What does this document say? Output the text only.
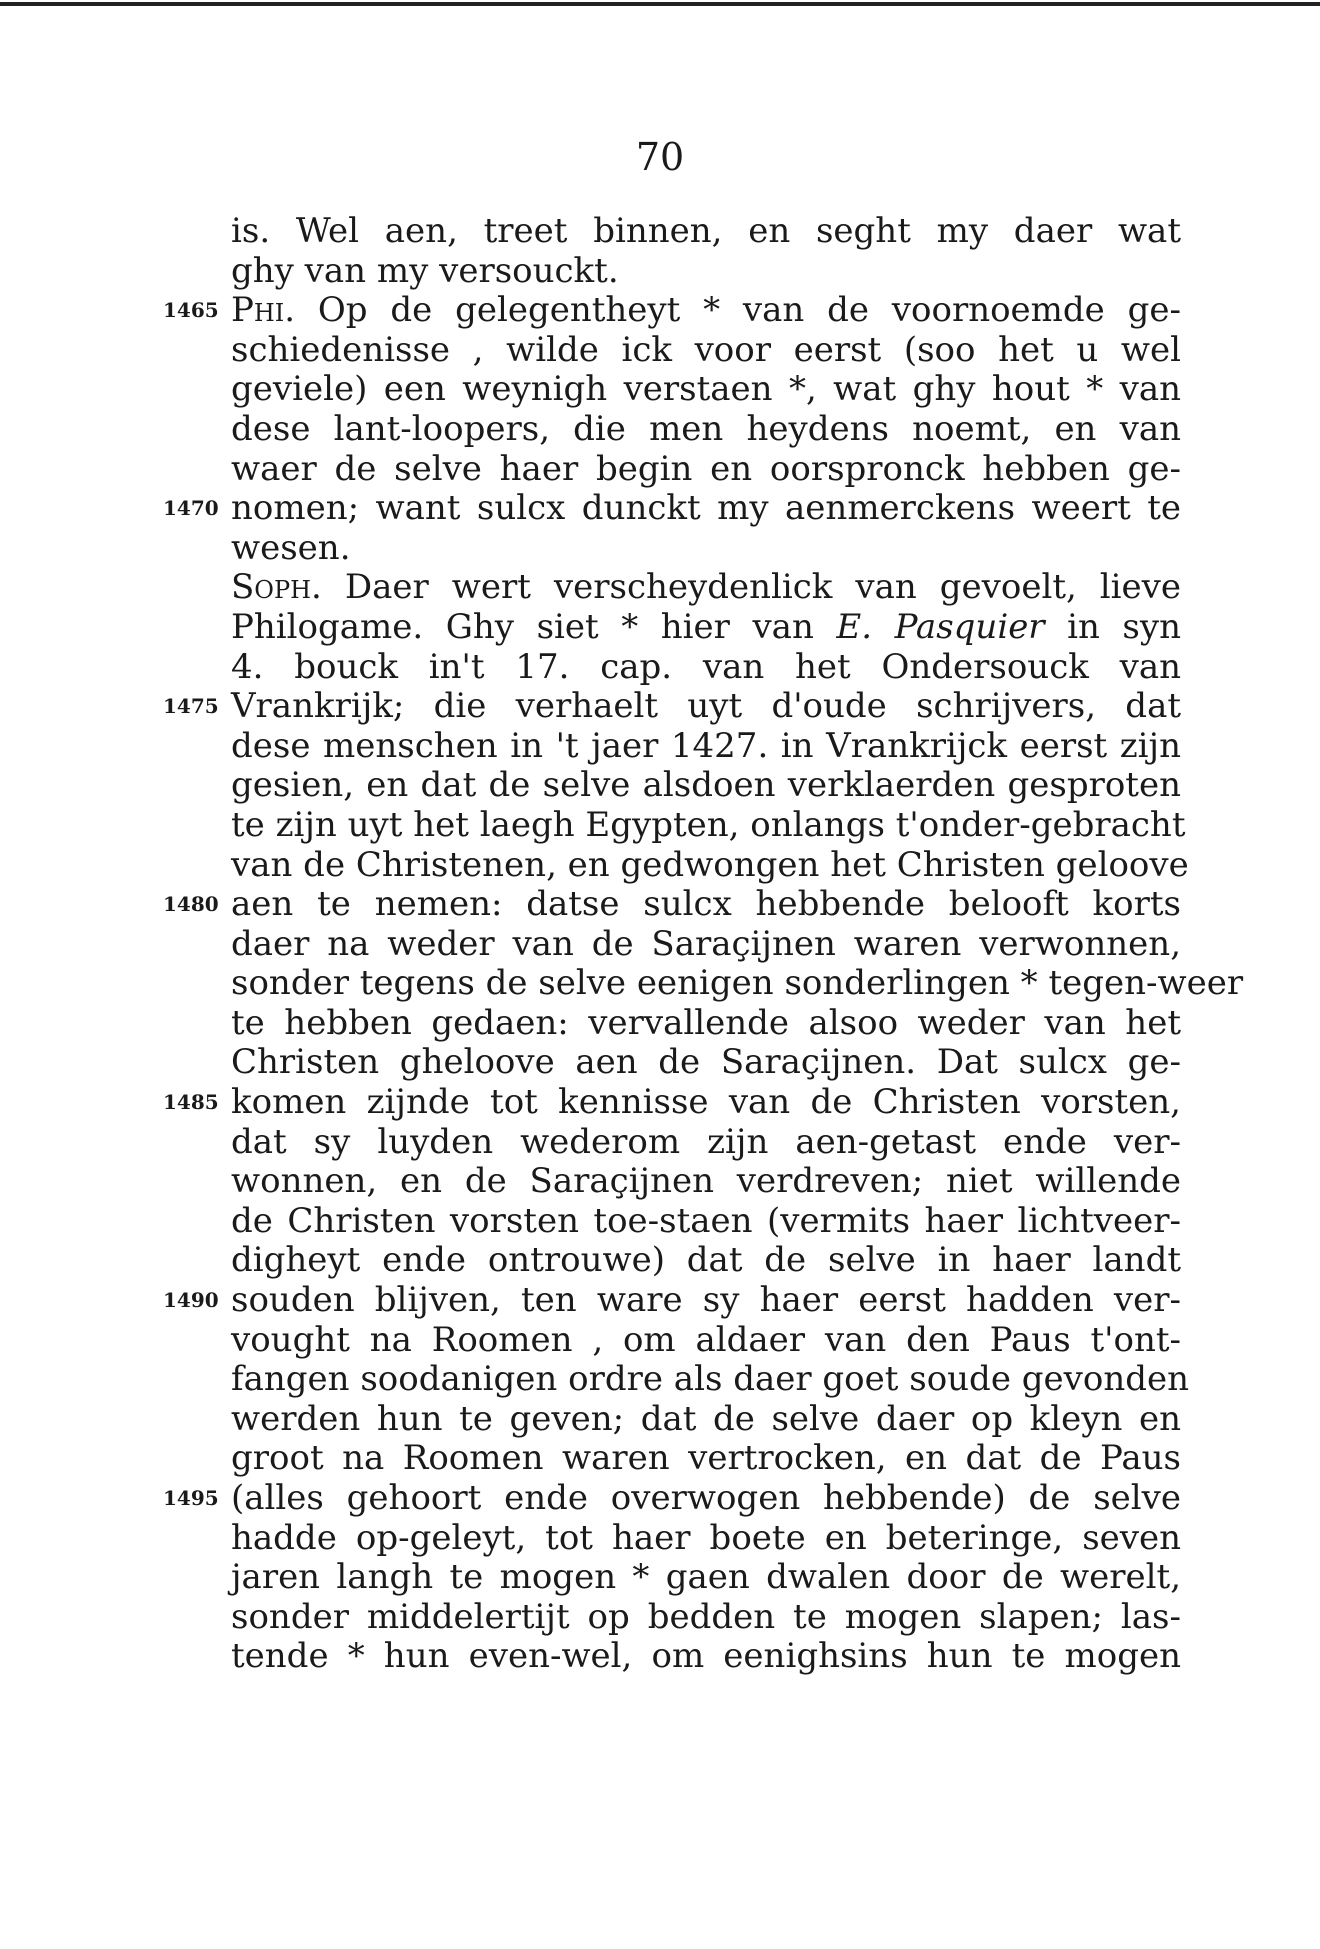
70
is. Wel aen, treet binnen, en seght my daer wat
ghy van my versouckt.
1465 Phi. Op de gelegentheyt * van de voornoemde ge-
schiedenisse , wilde ick voor eerst (soo het u wel
geviele) een weynigh verstaen *, wat ghy hout * van
dese lant-loopers, die men heydens noemt, en van
waer de selve haer begin en oorspronck hebben ge-
1470 nomen; want sulcx dunckt my aenmerckens weert te
wesen.
Soph. Daer wert verscheydenlick van gevoelt, lieve
Philogame. Ghy siet * hier van E. Pasquier in syn
4. bouck in't 17. cap. van het Ondersouck van
1475 Vrankrijk; die verhaelt uyt d'oude schrijvers, dat
dese menschen in 't jaer 1427. in Vrankrijck eerst zijn
gesien, en dat de selve alsdoen verklaerden gesproten
te zijn uyt het laegh Egypten, onlangs t'onder-gebracht
van de Christenen, en gedwongen het Christen geloove
1480 aen te nemen: datse sulcx hebbende belooft korts
daer na weder van de Saraçijnen waren verwonnen,
sonder tegens de selve eenigen sonderlingen * tegen-weer
te hebben gedaen: vervallende alsoo weder van het
Christen gheloove aen de Saraçijnen. Dat sulcx ge-
1485 komen zijnde tot kennisse van de Christen vorsten,
dat sy luyden wederom zijn aen-getast ende ver-
wonnen, en de Saraçijnen verdreven; niet willende
de Christen vorsten toe-staen (vermits haer lichtveer-
digheyt ende ontrouwe) dat de selve in haer landt
1490 souden blijven, ten ware sy haer eerst hadden ver-
vought na Roomen , om aldaer van den Paus t'ont-
fangen soodanigen ordre als daer goet soude gevonden
werden hun te geven; dat de selve daer op kleyn en
groot na Roomen waren vertrocken, en dat de Paus
1495 (alles gehoort ende overwogen hebbende) de selve
hadde op-geleyt, tot haer boete en beteringe, seven
jaren langh te mogen * gaen dwalen door de werelt,
sonder middelertijt op bedden te mogen slapen; las-
tende * hun even-wel, om eenighsins hun te mogen
